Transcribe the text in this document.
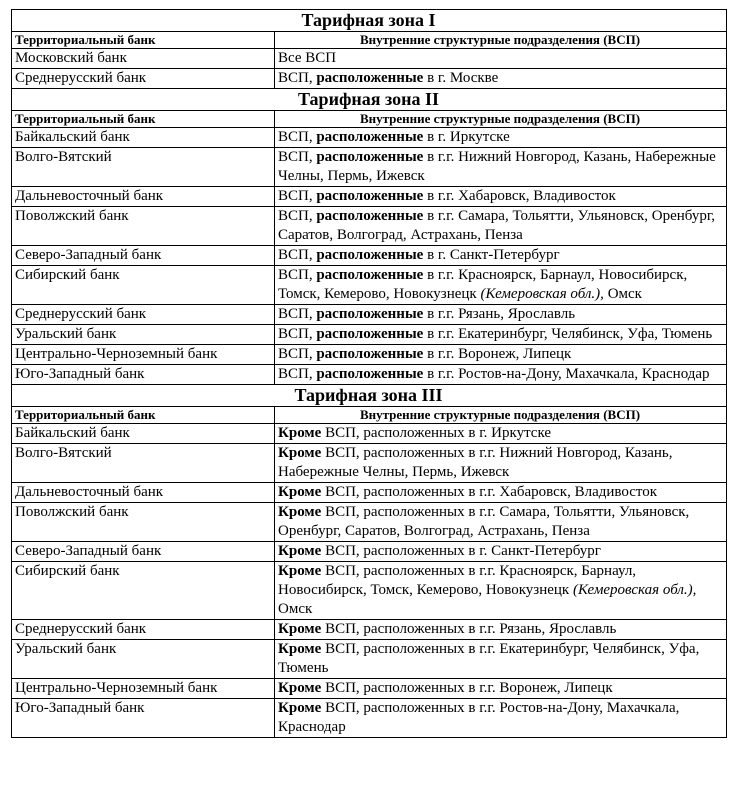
Тарифная зона I	
Территориальный банк	Внутренние структурные подразделения (ВСП)
Московский банк	Все ВСП
Среднерусский банк	ВСП, расположенные в г. Москве
Тарифная зона II	
Территориальный банк	Внутренние структурные подразделения (ВСП)
Байкальский банк	ВСП, расположенные в г. Иркутске
Волго-Вятский	ВСП, расположенные в г.г. Нижний Новгород, Казань, Набережные Челны, Пермь, Ижевск
Дальневосточный банк	ВСП, расположенные в г.г. Хабаровск, Владивосток
Поволжский банк	ВСП, расположенные в г.г. Самара, Тольятти, Ульяновск, Оренбург, Саратов, Волгоград, Астрахань, Пенза
Северо-Западный банк	ВСП, расположенные в г. Санкт-Петербург
Сибирский банк	ВСП, расположенные в г.г. Красноярск, Барнаул, Новосибирск, Томск, Кемерово, Новокузнецк (Кемеровская обл.), Омск
Среднерусский банк	ВСП, расположенные в г.г. Рязань, Ярославль
Уральский банк	ВСП, расположенные в г.г. Екатеринбург, Челябинск, Уфа, Тюмень
Центрально-Черноземный банк	ВСП, расположенные в г.г. Воронеж, Липецк
Юго-Западный банк	ВСП, расположенные в г.г. Ростов-на-Дону, Махачкала, Краснодар
Тарифная зона III	
Территориальный банк	Внутренние структурные подразделения (ВСП)
Байкальский банк	Кроме ВСП, расположенных в г. Иркутске
Волго-Вятский	Кроме ВСП, расположенных в г.г. Нижний Новгород, Казань, Набережные Челны, Пермь, Ижевск
Дальневосточный банк	Кроме ВСП, расположенных в г.г. Хабаровск, Владивосток
Поволжский банк	Кроме ВСП, расположенных в г.г. Самара, Тольятти, Ульяновск, Оренбург, Саратов, Волгоград, Астрахань, Пенза
Северо-Западный банк	Кроме ВСП, расположенных в г. Санкт-Петербург
Сибирский банк	Кроме ВСП, расположенных в г.г. Красноярск, Барнаул, Новосибирск, Томск, Кемерово, Новокузнецк (Кемеровская обл.), Омск
Среднерусский банк	Кроме ВСП, расположенных в г.г. Рязань, Ярославль
Уральский банк	Кроме ВСП, расположенных в г.г. Екатеринбург, Челябинск, Уфа, Тюмень
Центрально-Черноземный банк	Кроме ВСП, расположенных в г.г. Воронеж, Липецк
Юго-Западный банк	Кроме ВСП, расположенных в г.г. Ростов-на-Дону, Махачкала, Краснодар
